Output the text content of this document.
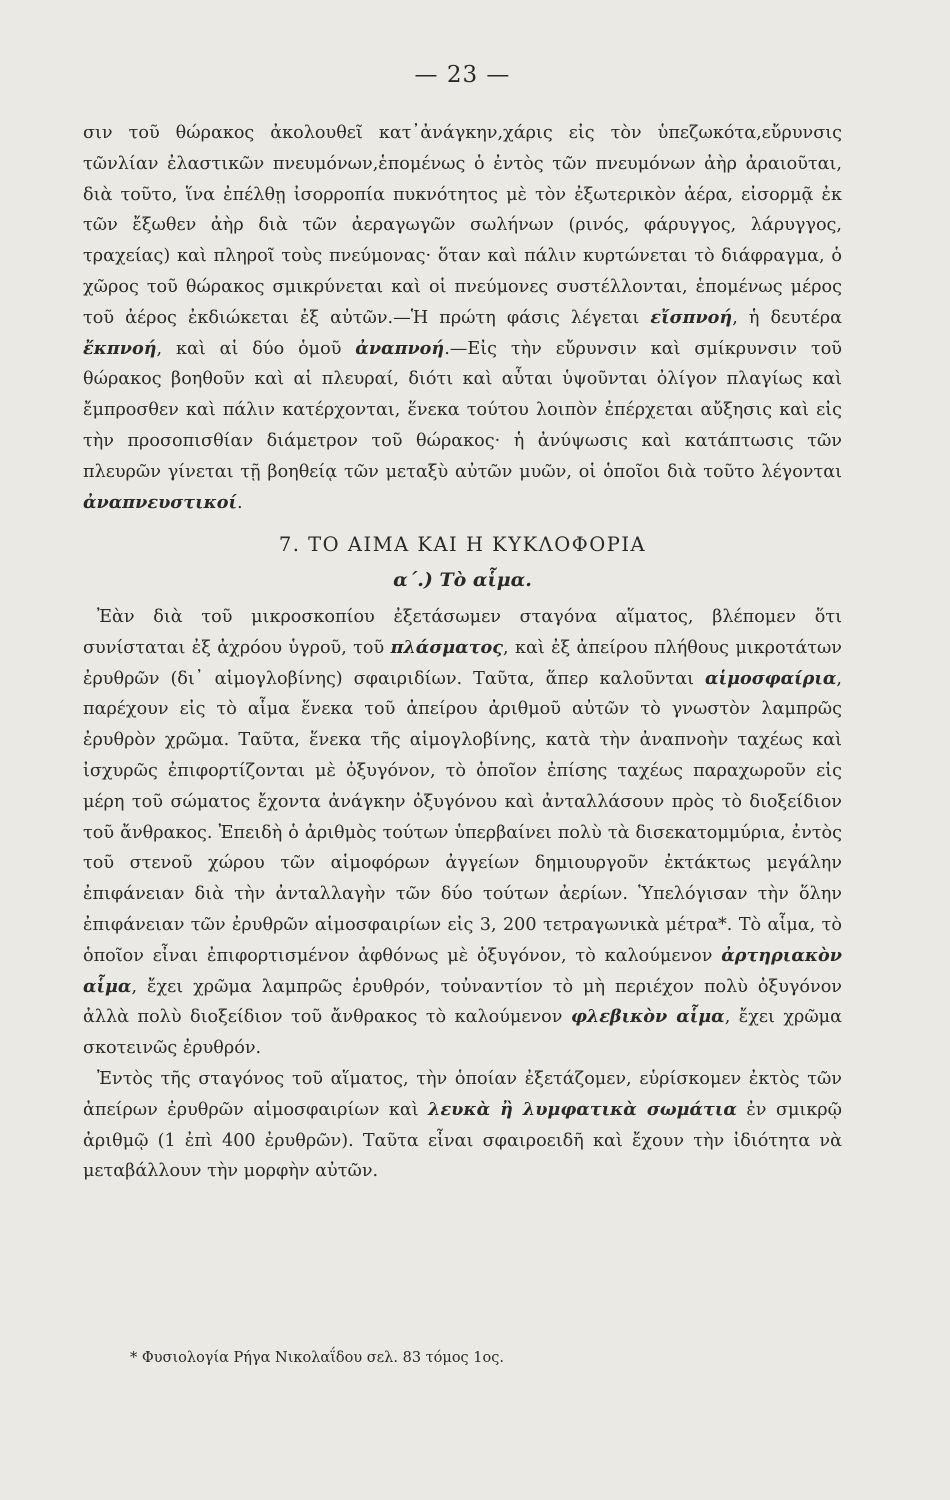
— 23 —

σιν τοῦ θώρακος ἀκολουθεῖ κατ᾽ἀνάγκην,χάρις εἰς τὸν ὑπεζωκότα,εὔρυνσις τῶνλίαν ἐλαστικῶν πνευμόνων,ἑπομένως ὁ ἐντὸς τῶν πνευμόνων ἀὴρ ἀραιοῦται, διὰ τοῦτο, ἵνα ἐπέλθῃ ἰσορροπία πυκνότητος μὲ τὸν ἐξωτερικὸν ἀέρα, εἰσορμᾷ ἐκ τῶν ἔξωθεν ἀὴρ διὰ τῶν ἀεραγωγῶν σωλήνων (ρινός, φάρυγγος, λάρυγγος, τραχείας) καὶ πληροῖ τοὺς πνεύμονας· ὅταν καὶ πάλιν κυρτώνεται τὸ διάφραγμα, ὁ χῶρος τοῦ θώρακος σμικρύνεται καὶ οἱ πνεύμονες συστέλλονται, ἑπομένως μέρος τοῦ ἀέρος ἐκδιώκεται ἐξ αὐτῶν.—Ἡ πρώτη φάσις λέγεται εἴσπνοή, ἡ δευτέρα ἔκπνοή, καὶ αἱ δύο ὁμοῦ ἀναπνοή.—Εἰς τὴν εὔρυνσιν καὶ σμίκρυνσιν τοῦ θώρακος βοηθοῦν καὶ αἱ πλευραί, διότι καὶ αὗται ὑψοῦνται ὀλίγον πλαγίως καὶ ἔμπροσθεν καὶ πάλιν κατέρχονται, ἕνεκα τούτου λοιπὸν ἐπέρχεται αὔξησις καὶ εἰς τὴν προσοπισθίαν διάμετρον τοῦ θώρακος· ἡ ἀνύψωσις καὶ κατάπτωσις τῶν πλευρῶν γίνεται τῇ βοηθείᾳ τῶν μεταξὺ αὐτῶν μυῶν, οἱ ὁποῖοι διὰ τοῦτο λέγονται ἀναπνευστικοί.

7. ΤΟ ΑΙΜΑ ΚΑΙ Η ΚΥΚΛΟΦΟΡΙΑ
α΄.) Τὸ αἷμα.

Ἐὰν διὰ τοῦ μικροσκοπίου ἐξετάσωμεν σταγόνα αἵματος, βλέπομεν ὅτι συνίσταται ἐξ ἀχρόου ὑγροῦ, τοῦ πλάσματος, καὶ ἐξ ἀπείρου πλήθους μικροτάτων ἐρυθρῶν (δι᾽ αἱμογλοβίνης) σφαιριδίων. Ταῦτα, ἅπερ καλοῦνται αἱμοσφαίρια, παρέχουν εἰς τὸ αἷμα ἕνεκα τοῦ ἀπείρου ἀριθμοῦ αὐτῶν τὸ γνωστὸν λαμπρῶς ἐρυθρὸν χρῶμα. Ταῦτα, ἕνεκα τῆς αἱμογλοβίνης, κατὰ τὴν ἀναπνοὴν ταχέως καὶ ἰσχυρῶς ἐπιφορτίζονται μὲ ὀξυγόνον, τὸ ὁποῖον ἐπίσης ταχέως παραχωροῦν εἰς μέρη τοῦ σώματος ἔχοντα ἀνάγκην ὀξυγόνου καὶ ἀνταλλάσουν πρὸς τὸ διοξείδιον τοῦ ἄνθρακος. Ἐπειδὴ ὁ ἀριθμὸς τούτων ὑπερβαίνει πολὺ τὰ δισεκατομμύρια, ἐντὸς τοῦ στενοῦ χώρου τῶν αἱμοφόρων ἀγγείων δημιουργοῦν ἐκτάκτως μεγάλην ἐπιφάνειαν διὰ τὴν ἀνταλλαγὴν τῶν δύο τούτων ἀερίων. Ὑπελόγισαν τὴν ὅλην ἐπιφάνειαν τῶν ἐρυθρῶν αἱμοσφαιρίων εἰς 3, 200 τετραγωνικὰ μέτρα*. Τὸ αἷμα, τὸ ὁποῖον εἶναι ἐπιφορτισμένον ἀφθόνως μὲ ὀξυγόνον, τὸ καλούμενον ἀρτηριακὸν αἷμα, ἔχει χρῶμα λαμπρῶς ἐρυθρόν, τοὐναντίον τὸ μὴ περιέχον πολὺ ὀξυγόνον ἀλλὰ πολὺ διοξείδιον τοῦ ἄνθρακος τὸ καλούμενον φλεβικὸν αἷμα, ἔχει χρῶμα σκοτεινῶς ἐρυθρόν.

Ἐντὸς τῆς σταγόνος τοῦ αἵματος, τὴν ὁποίαν ἐξετάζομεν, εὑρίσκομεν ἐκτὸς τῶν ἀπείρων ἐρυθρῶν αἱμοσφαιρίων καὶ λευκὰ ἢ λυμφατικὰ σωμάτια ἐν σμικρῷ ἀριθμῷ (1 ἐπὶ 400 ἐρυθρῶν). Ταῦτα εἶναι σφαιροειδῆ καὶ ἔχουν τὴν ἰδιότητα νὰ μεταβάλλουν τὴν μορφὴν αὐτῶν.

* Φυσιολογία Ρήγα Νικολαΐδου σελ. 83 τόμος 1ος.
